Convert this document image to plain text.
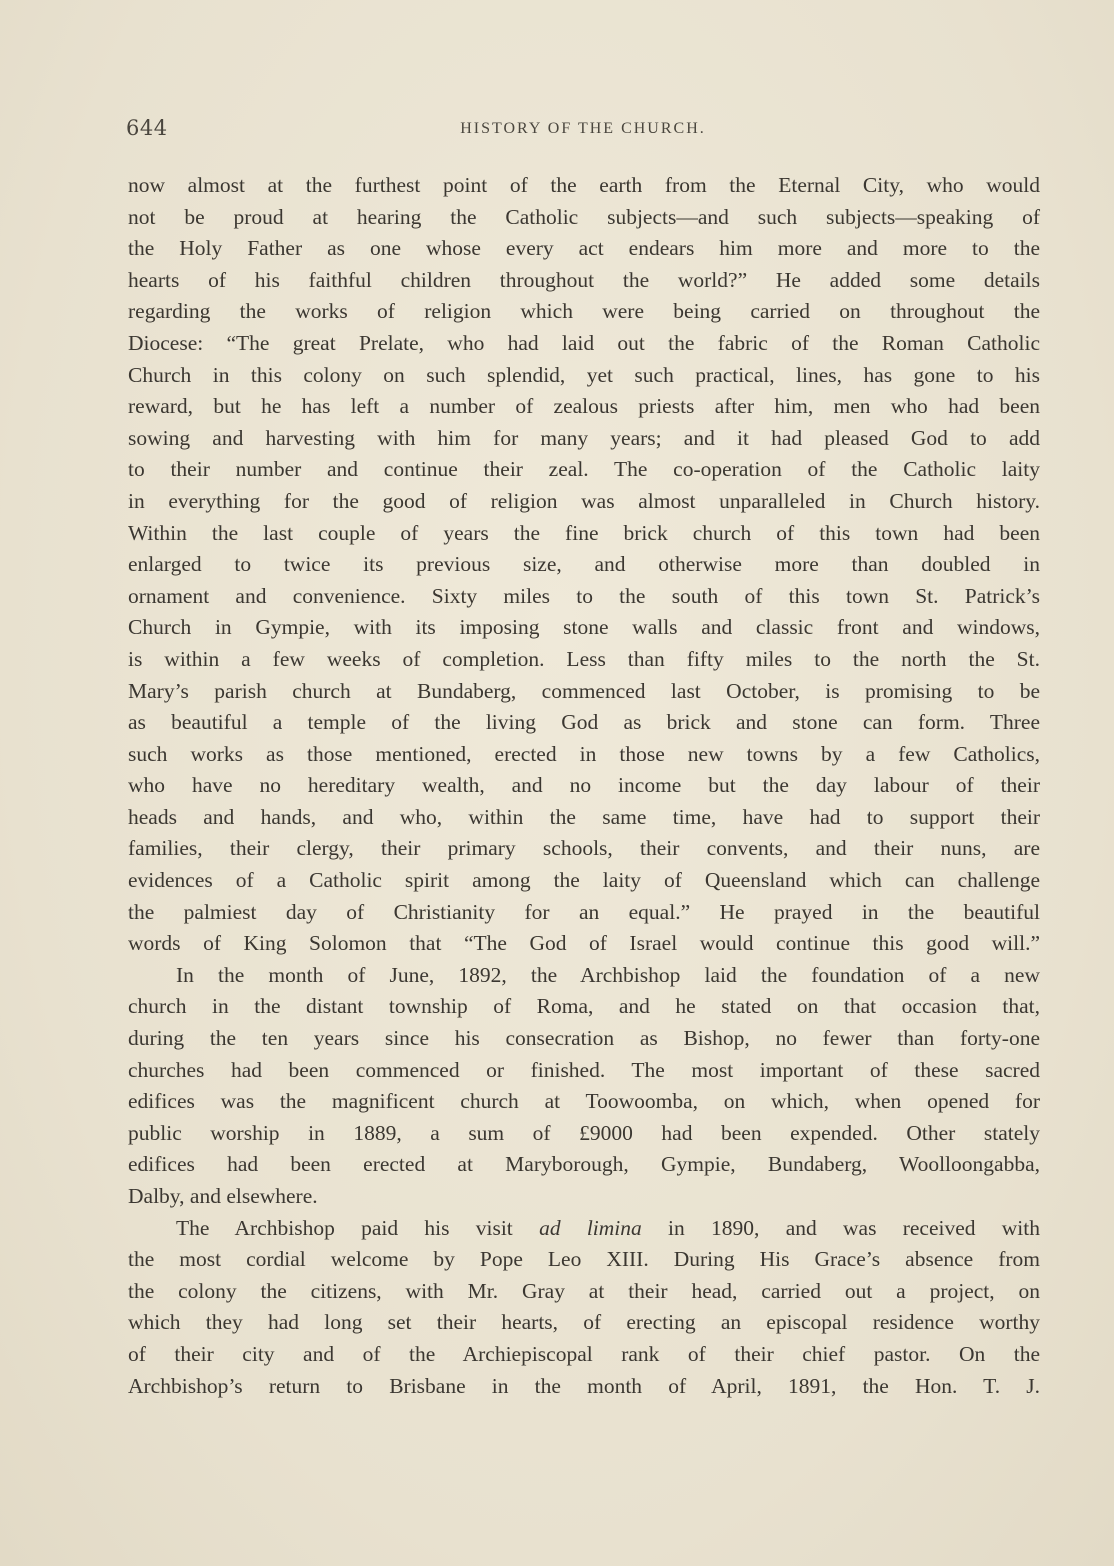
644	HISTORY OF THE CHURCH.
now almost at the furthest point of the earth from the Eternal City, who would
not be proud at hearing the Catholic subjects—and such subjects—speaking of
the Holy Father as one whose every act endears him more and more to the
hearts of his faithful children throughout the world?” He added some details
regarding the works of religion which were being carried on throughout the
Diocese: “The great Prelate, who had laid out the fabric of the Roman Catholic
Church in this colony on such splendid, yet such practical, lines, has gone to his
reward, but he has left a number of zealous priests after him, men who had been
sowing and harvesting with him for many years; and it had pleased God to add
to their number and continue their zeal. The co-operation of the Catholic laity
in everything for the good of religion was almost unparalleled in Church history.
Within the last couple of years the fine brick church of this town had been
enlarged to twice its previous size, and otherwise more than doubled in
ornament and convenience. Sixty miles to the south of this town St. Patrick’s
Church in Gympie, with its imposing stone walls and classic front and windows,
is within a few weeks of completion. Less than fifty miles to the north the St.
Mary’s parish church at Bundaberg, commenced last October, is promising to be
as beautiful a temple of the living God as brick and stone can form. Three
such works as those mentioned, erected in those new towns by a few Catholics,
who have no hereditary wealth, and no income but the day labour of their
heads and hands, and who, within the same time, have had to support their
families, their clergy, their primary schools, their convents, and their nuns, are
evidences of a Catholic spirit among the laity of Queensland which can challenge
the palmiest day of Christianity for an equal.” He prayed in the beautiful
words of King Solomon that “The God of Israel would continue this good will.”
In the month of June, 1892, the Archbishop laid the foundation of a new
church in the distant township of Roma, and he stated on that occasion that,
during the ten years since his consecration as Bishop, no fewer than forty-one
churches had been commenced or finished. The most important of these sacred
edifices was the magnificent church at Toowoomba, on which, when opened for
public worship in 1889, a sum of £9000 had been expended. Other stately
edifices had been erected at Maryborough, Gympie, Bundaberg, Woolloongabba,
Dalby, and elsewhere.
The Archbishop paid his visit ad limina in 1890, and was received with
the most cordial welcome by Pope Leo XIII. During His Grace’s absence from
the colony the citizens, with Mr. Gray at their head, carried out a project, on
which they had long set their hearts, of erecting an episcopal residence worthy
of their city and of the Archiepiscopal rank of their chief pastor. On the
Archbishop’s return to Brisbane in the month of April, 1891, the Hon. T. J.
